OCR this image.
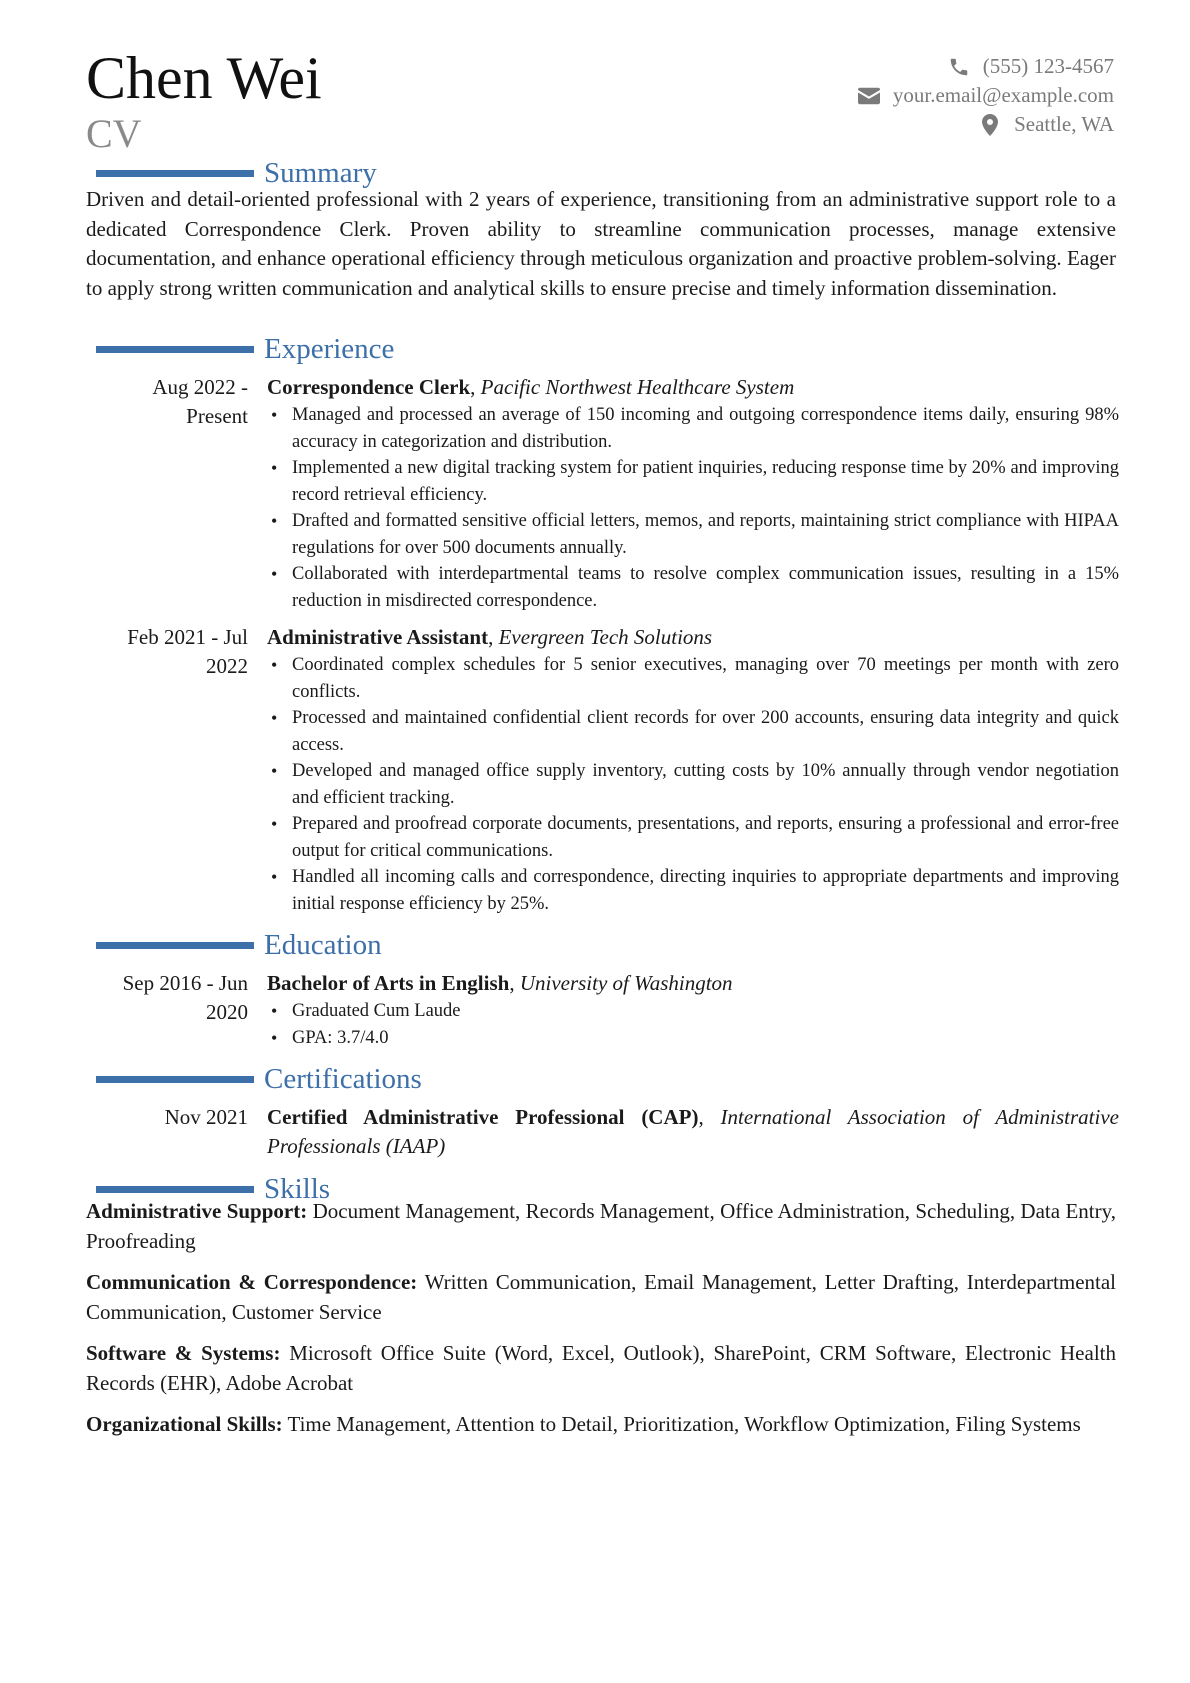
Chen Wei
CV
(555) 123-4567
your.email@example.com
Seattle, WA
Summary
Driven and detail-oriented professional with 2 years of experience, transitioning from an administrative support role to a dedicated Correspondence Clerk. Proven ability to streamline communication processes, manage extensive documentation, and enhance operational efficiency through meticulous organization and proactive problem-solving. Eager to apply strong written communication and analytical skills to ensure precise and timely information dissemination.
Experience
Aug 2022 - Present
Correspondence Clerk, Pacific Northwest Healthcare System
• Managed and processed an average of 150 incoming and outgoing correspondence items daily, ensuring 98% accuracy in categorization and distribution.
• Implemented a new digital tracking system for patient inquiries, reducing response time by 20% and improving record retrieval efficiency.
• Drafted and formatted sensitive official letters, memos, and reports, maintaining strict compliance with HIPAA regulations for over 500 documents annually.
• Collaborated with interdepartmental teams to resolve complex communication issues, resulting in a 15% reduction in misdirected correspondence.
Feb 2021 - Jul 2022
Administrative Assistant, Evergreen Tech Solutions
• Coordinated complex schedules for 5 senior executives, managing over 70 meetings per month with zero conflicts.
• Processed and maintained confidential client records for over 200 accounts, ensuring data integrity and quick access.
• Developed and managed office supply inventory, cutting costs by 10% annually through vendor negotiation and efficient tracking.
• Prepared and proofread corporate documents, presentations, and reports, ensuring a professional and error-free output for critical communications.
• Handled all incoming calls and correspondence, directing inquiries to appropriate departments and improving initial response efficiency by 25%.
Education
Sep 2016 - Jun 2020
Bachelor of Arts in English, University of Washington
• Graduated Cum Laude
• GPA: 3.7/4.0
Certifications
Nov 2021 Certified Administrative Professional (CAP), International Association of Administrative Professionals (IAAP)
Skills
Administrative Support: Document Management, Records Management, Office Administration, Scheduling, Data Entry, Proofreading
Communication & Correspondence: Written Communication, Email Management, Letter Drafting, Interdepartmental Communication, Customer Service
Software & Systems: Microsoft Office Suite (Word, Excel, Outlook), SharePoint, CRM Software, Electronic Health Records (EHR), Adobe Acrobat
Organizational Skills: Time Management, Attention to Detail, Prioritization, Workflow Optimization, Filing Systems
